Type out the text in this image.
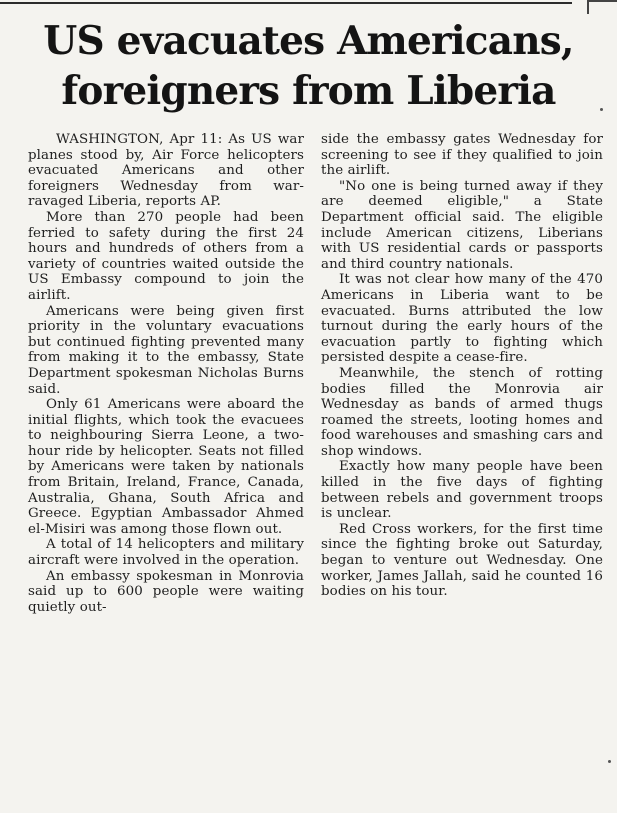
US evacuates Americans,
foreigners from Liberia

WASHINGTON, Apr 11: As US war planes stood by, Air Force helicopters evacuated Americans and other foreigners Wednesday from war-ravaged Liberia, reports AP.

More than 270 people had been ferried to safety during the first 24 hours and hundreds of others from a variety of countries waited outside the US Embassy compound to join the airlift.

Americans were being given first priority in the voluntary evacuations but continued fighting prevented many from making it to the embassy, State Department spokesman Nicholas Burns said.

Only 61 Americans were aboard the initial flights, which took the evacuees to neighbouring Sierra Leone, a two-hour ride by helicopter. Seats not filled by Americans were taken by nationals from Britain, Ireland, France, Canada, Australia, Ghana, South Africa and Greece. Egyptian Ambassador Ahmed el-Misiri was among those flown out.

A total of 14 helicopters and military aircraft were involved in the operation.

An embassy spokesman in Monrovia said up to 600 people were waiting quietly out-

side the embassy gates Wednesday for screening to see if they qualified to join the airlift.

"No one is being turned away if they are deemed eligible," a State Department official said. The eligible include American citizens, Liberians with US residential cards or passports and third country nationals.

It was not clear how many of the 470 Americans in Liberia want to be evacuated. Burns attributed the low turnout during the early hours of the evacuation partly to fighting which persisted despite a cease-fire.

Meanwhile, the stench of rotting bodies filled the Monrovia air Wednesday as bands of armed thugs roamed the streets, looting homes and food warehouses and smashing cars and shop windows.

Exactly how many people have been killed in the five days of fighting between rebels and government troops is unclear.

Red Cross workers, for the first time since the fighting broke out Saturday, began to venture out Wednesday. One worker, James Jallah, said he counted 16 bodies on his tour.
